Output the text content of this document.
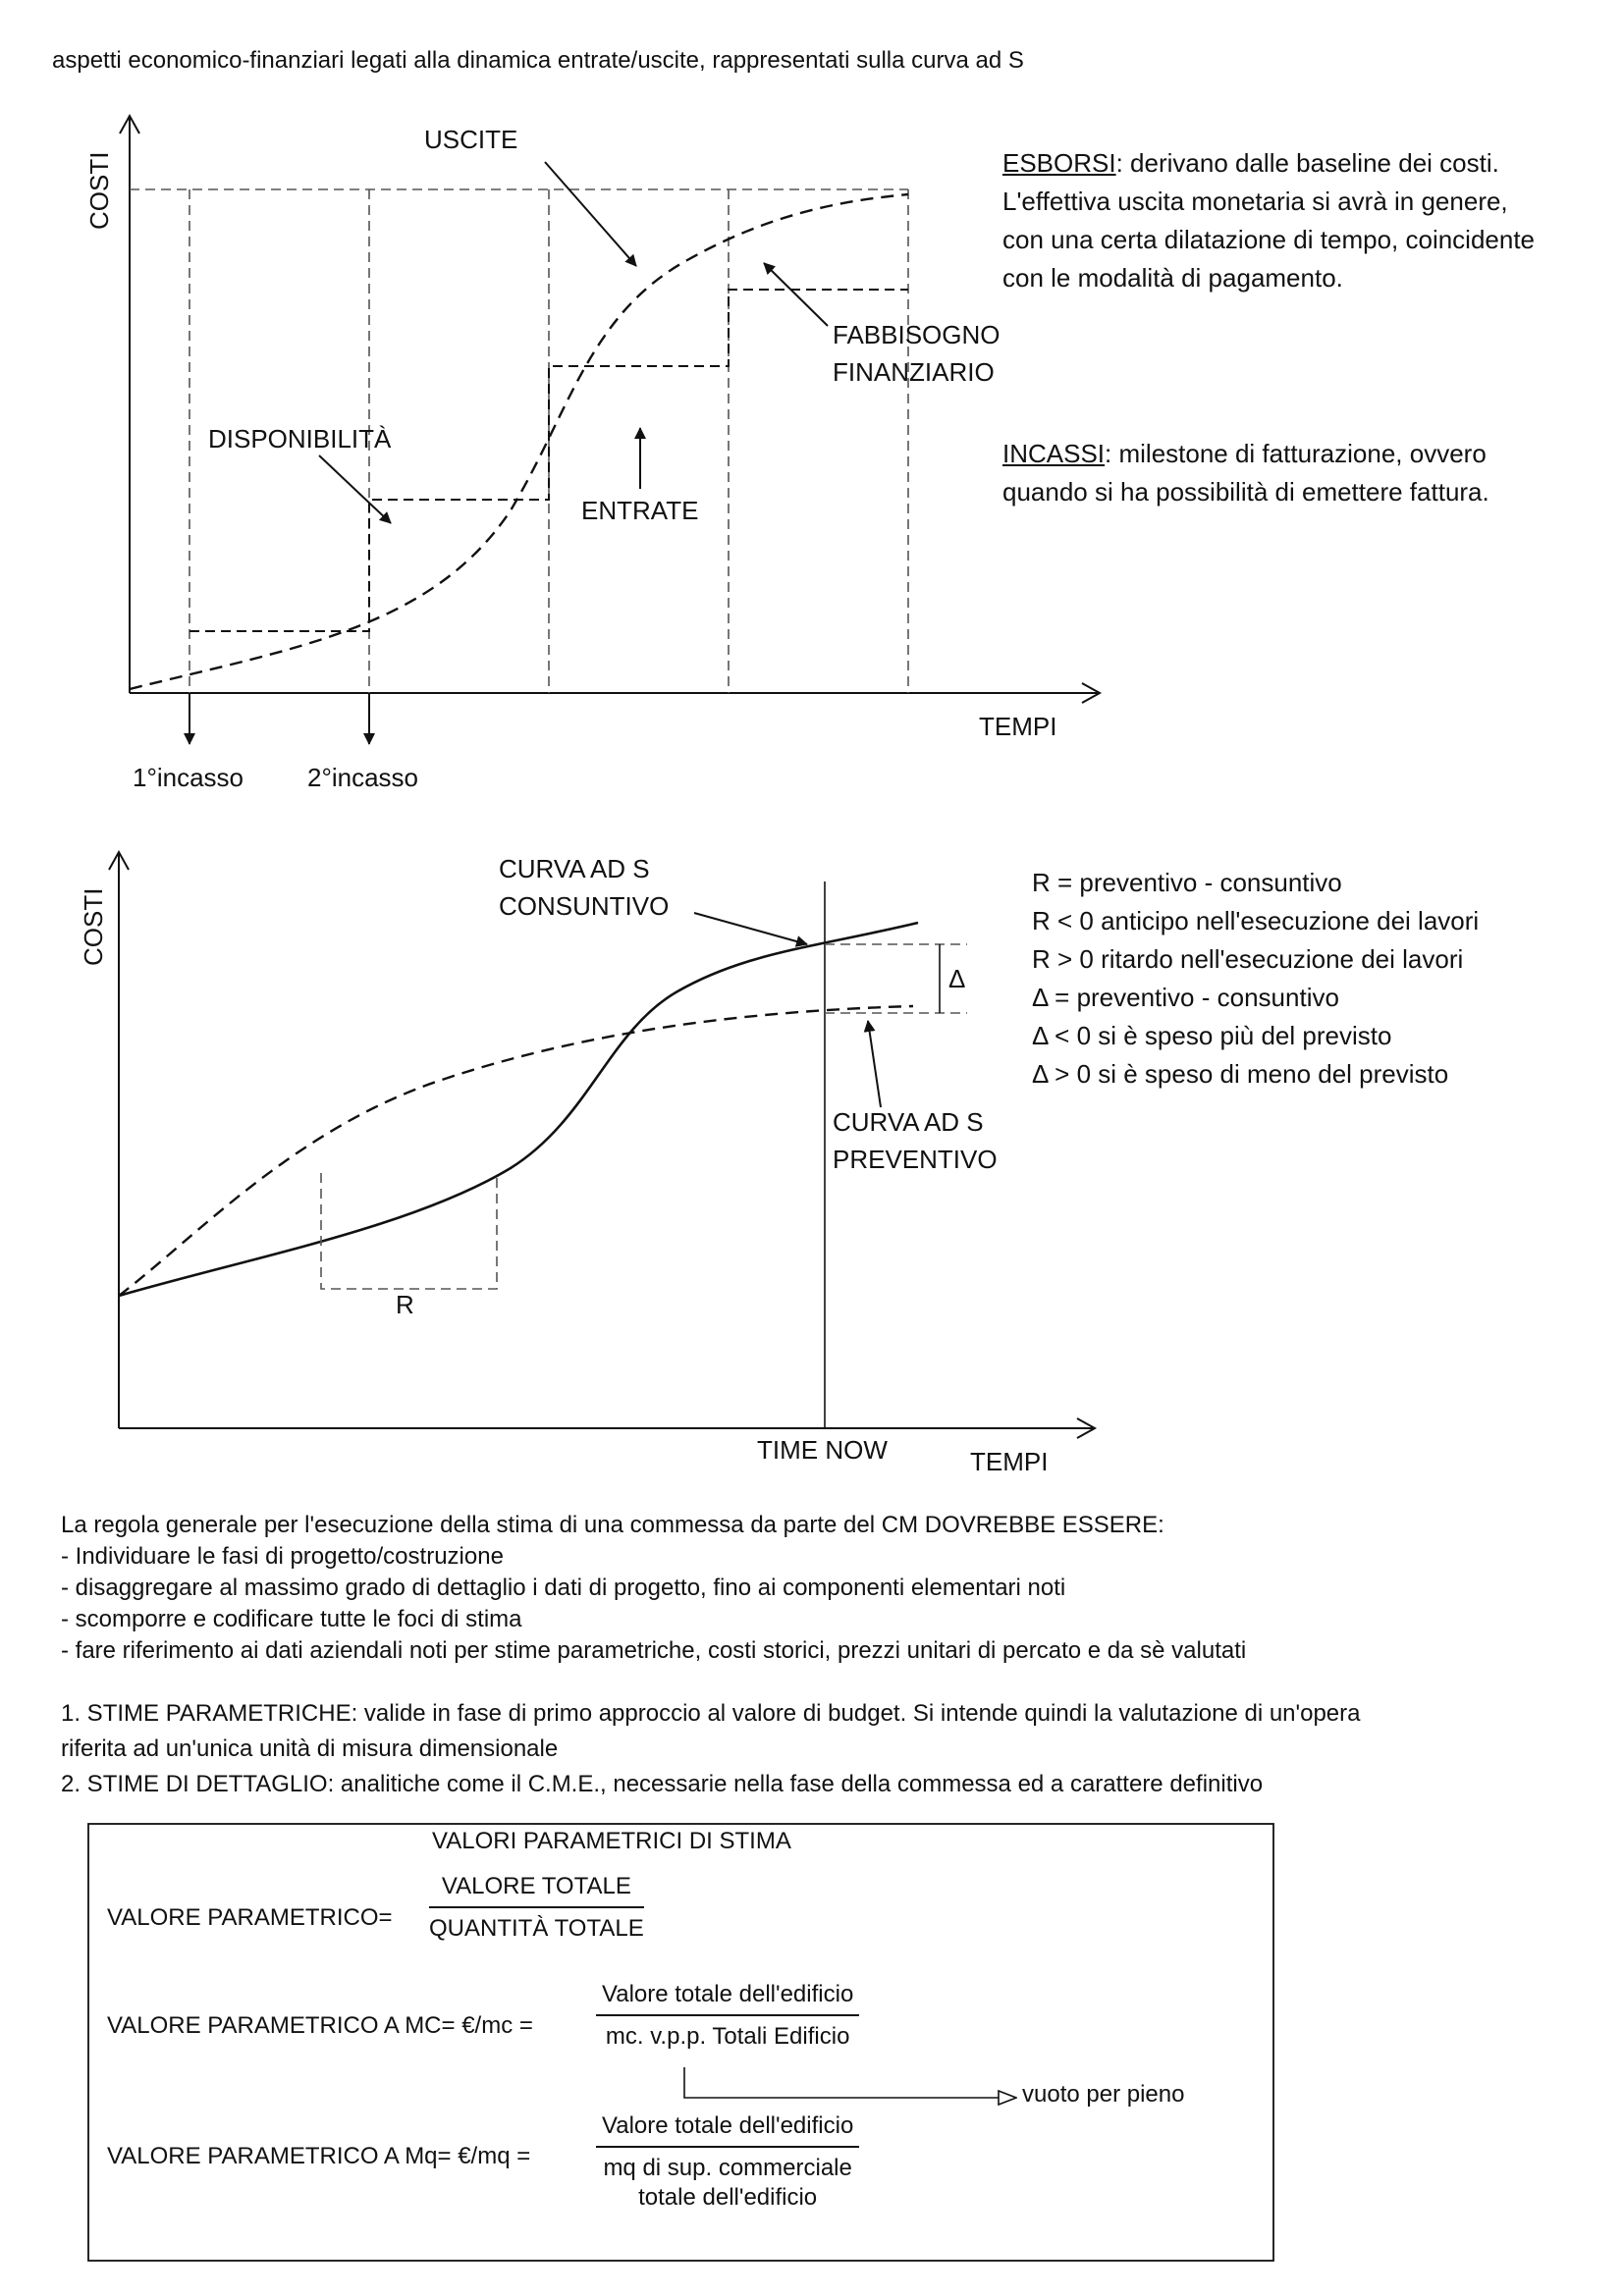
aspetti economico-finanziari legati alla dinamica entrate/uscite, rappresentati sulla curva ad S
COSTI
TEMPI
USCITE
DISPONIBILITÀ
ENTRATE
FABBISOGNO
FINANZIARIO
1°incasso 2°incasso
ESBORSI: derivano dalle baseline dei costi.
L'effettiva uscita monetaria si avrà in genere,
con una certa dilatazione di tempo, coincidente
con le modalità di pagamento.
INCASSI: milestone di fatturazione, ovvero
quando si ha possibilità di emettere fattura.
COSTI
TEMPI
CURVA AD S
CONSUNTIVO
CURVA AD S
PREVENTIVO
Δ
R
TIME NOW
R = preventivo - consuntivo
R < 0 anticipo nell'esecuzione dei lavori
R > 0 ritardo nell'esecuzione dei lavori
Δ = preventivo - consuntivo
Δ < 0 si è speso più del previsto
Δ > 0 si è speso di meno del previsto
La regola generale per l'esecuzione della stima di una commessa da parte del CM DOVREBBE ESSERE:
- Individuare le fasi di progetto/costruzione
- disaggregare al massimo grado di dettaglio i dati di progetto, fino ai componenti elementari noti
- scomporre e codificare tutte le foci di stima
- fare riferimento ai dati aziendali noti per stime parametriche, costi storici, prezzi unitari di percato e da sè valutati
1. STIME PARAMETRICHE: valide in fase di primo approccio al valore di budget. Si intende quindi la valutazione di un'opera
riferita ad un'unica unità di misura dimensionale
2. STIME DI DETTAGLIO: analitiche come il C.M.E., necessarie nella fase della commessa ed a carattere definitivo
VALORI PARAMETRICI DI STIMA
VALORE PARAMETRICO=
VALORE TOTALE
QUANTITÀ TOTALE
VALORE PARAMETRICO A MC= €/mc =
Valore totale dell'edificio
mc. v.p.p. Totali Edificio
vuoto per pieno
VALORE PARAMETRICO A Mq= €/mq =
Valore totale dell'edificio
mq di sup. commerciale
totale dell'edificio
